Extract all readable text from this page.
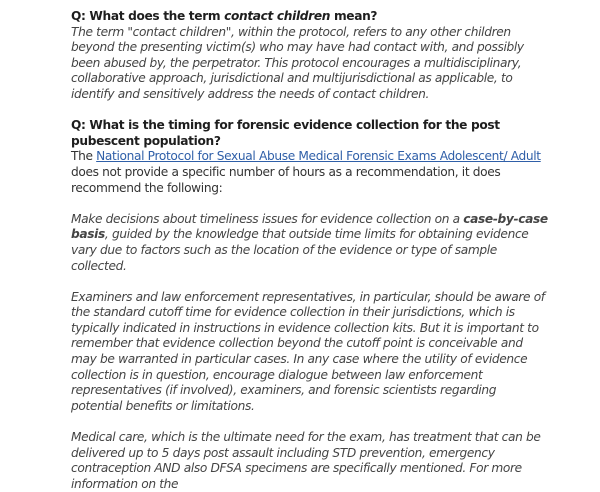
Q: What does the term contact children mean?

The term "contact children", within the protocol, refers to any other children beyond the presenting victim(s) who may have had contact with, and possibly been abused by, the perpetrator. This protocol encourages a multidisciplinary, collaborative approach, jurisdictional and multijurisdictional as applicable, to identify and sensitively address the needs of contact children.

Q: What is the timing for forensic evidence collection for the post pubescent population?

The National Protocol for Sexual Abuse Medical Forensic Exams Adolescent/ Adult does not provide a specific number of hours as a recommendation, it does recommend the following:

Make decisions about timeliness issues for evidence collection on a case-by-case basis, guided by the knowledge that outside time limits for obtaining evidence vary due to factors such as the location of the evidence or type of sample collected.

Examiners and law enforcement representatives, in particular, should be aware of the standard cutoff time for evidence collection in their jurisdictions, which is typically indicated in instructions in evidence collection kits. But it is important to remember that evidence collection beyond the cutoff point is conceivable and may be warranted in particular cases. In any case where the utility of evidence collection is in question, encourage dialogue between law enforcement representatives (if involved), examiners, and forensic scientists regarding potential benefits or limitations.

Medical care, which is the ultimate need for the exam, has treatment that can be delivered up to 5 days post assault including STD prevention, emergency contraception AND also DFSA specimens are specifically mentioned. For more information on the
